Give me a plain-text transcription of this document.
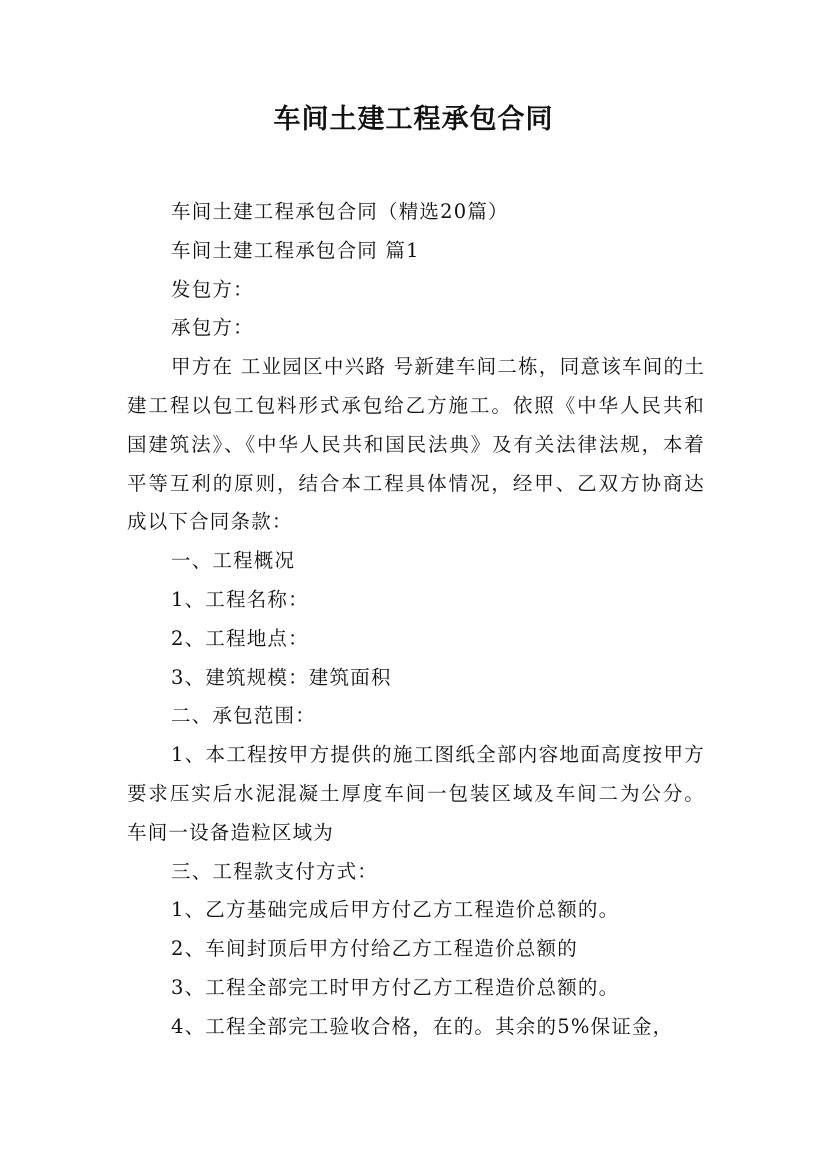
车间土建工程承包合同

车间土建工程承包合同（精选20篇）

车间土建工程承包合同 篇1

发包方：

承包方：

甲方在 工业园区中兴路 号新建车间二栋，同意该车间的土建工程以包工包料形式承包给乙方施工。依照《中华人民共和国建筑法》、《中华人民共和国民法典》及有关法律法规，本着平等互利的原则，结合本工程具体情况，经甲、乙双方协商达成以下合同条款：

一、工程概况

1、工程名称：

2、工程地点：

3、建筑规模：建筑面积

二、承包范围：

1、本工程按甲方提供的施工图纸全部内容地面高度按甲方要求压实后水泥混凝土厚度车间一包装区域及车间二为公分。车间一设备造粒区域为

三、工程款支付方式：

1、乙方基础完成后甲方付乙方工程造价总额的。

2、车间封顶后甲方付给乙方工程造价总额的

3、工程全部完工时甲方付乙方工程造价总额的。

4、工程全部完工验收合格，在的。其余的5%保证金，
